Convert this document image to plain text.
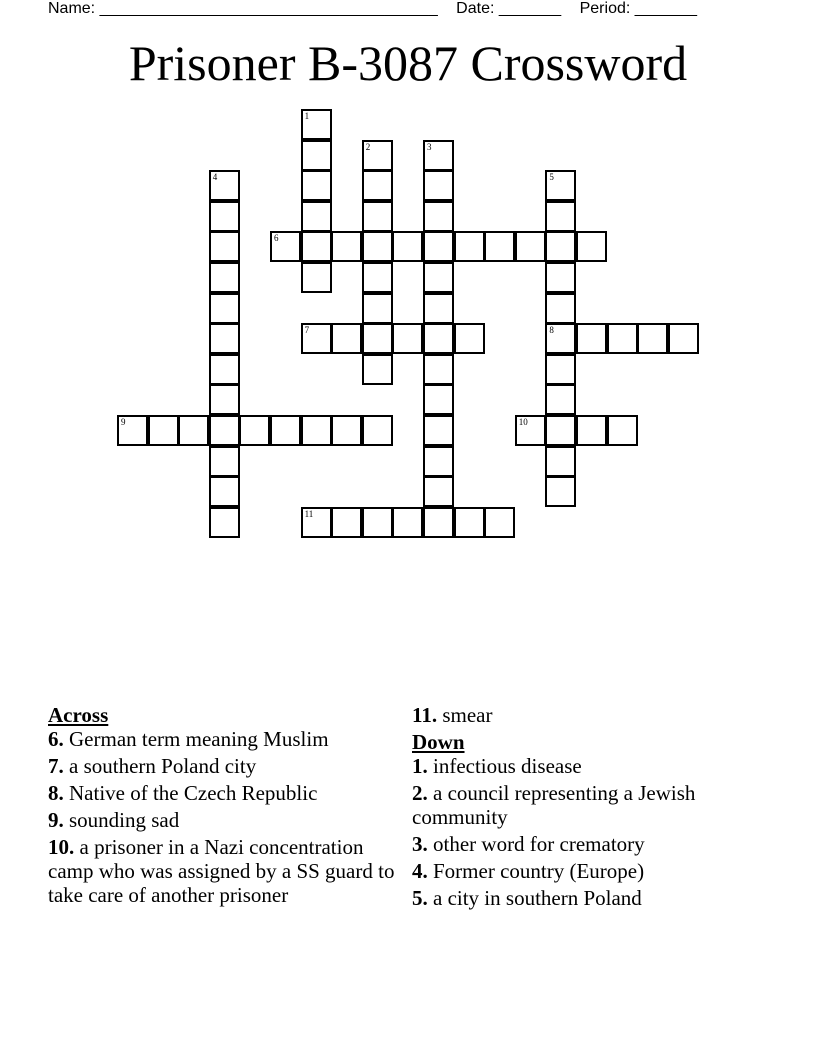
Name: ______________________________________ Date: _______ Period: _______
Prisoner B-3087 Crossword
1
2	3
4	5
8
6
7
9	10
11
Across
6. German term meaning Muslim
7. a southern Poland city
8. Native of the Czech Republic
9. sounding sad
10. a prisoner in a Nazi concentration camp who was assigned by a SS guard to take care of another prisoner
11. smear
Down
1. infectious disease
2. a council representing a Jewish community
3. other word for crematory
4. Former country (Europe)
5. a city in southern Poland
